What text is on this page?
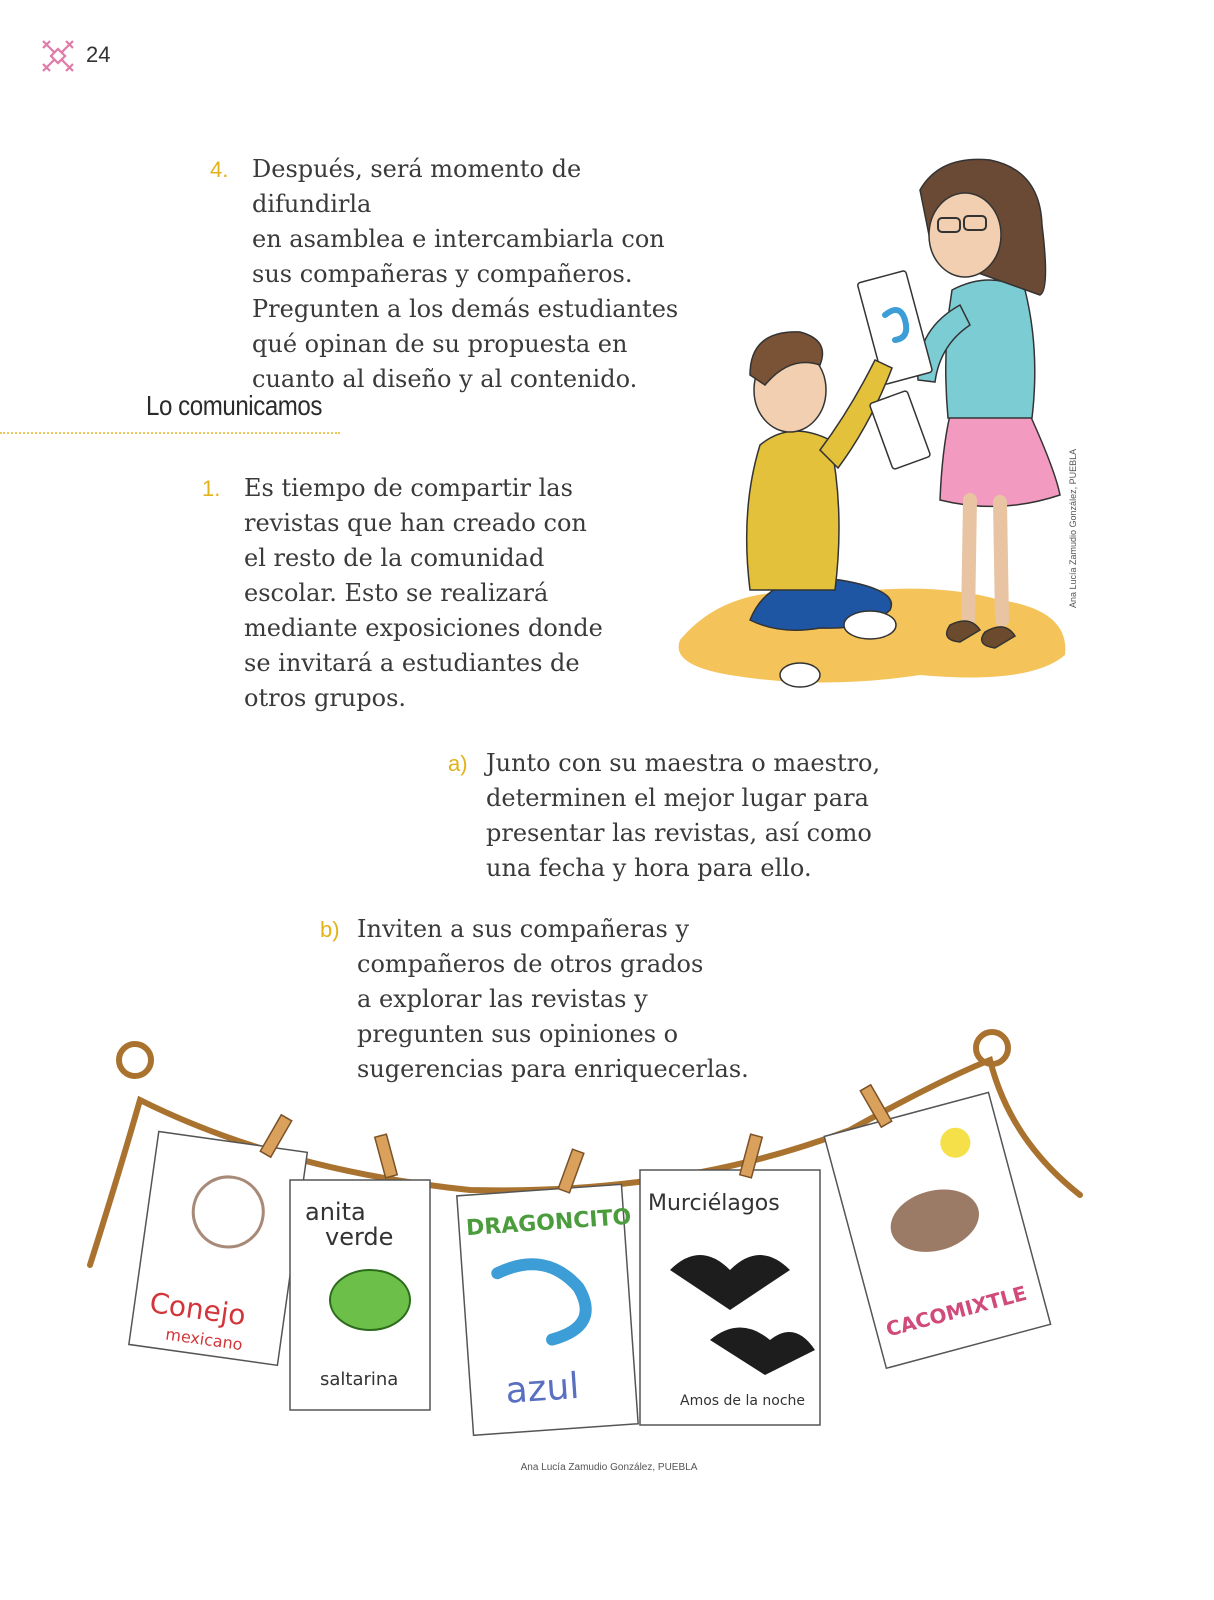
24
4. Después, será momento de difundirla
en asamblea e intercambiarla con
sus compañeras y compañeros.
Pregunten a los demás estudiantes
qué opinan de su propuesta en
cuanto al diseño y al contenido.
Lo comunicamos
1. Es tiempo de compartir las
revistas que han creado con
el resto de la comunidad
escolar. Esto se realizará
mediante exposiciones donde
se invitará a estudiantes de
otros grupos.
a) Junto con su maestra o maestro,
determinen el mejor lugar para
presentar las revistas, así como
una fecha y hora para ello.
b) Inviten a sus compañeras y
compañeros de otros grados
a explorar las revistas y
pregunten sus opiniones o
sugerencias para enriquecerlas.
Ana Lucía Zamudio González, PUEBLA
Conejo
mexicano
anita
verde
saltarina
DRAGONCITO
azul
Murciélagos
Amos de la noche
CACOMIXTLE
Ana Lucía Zamudio González, PUEBLA
